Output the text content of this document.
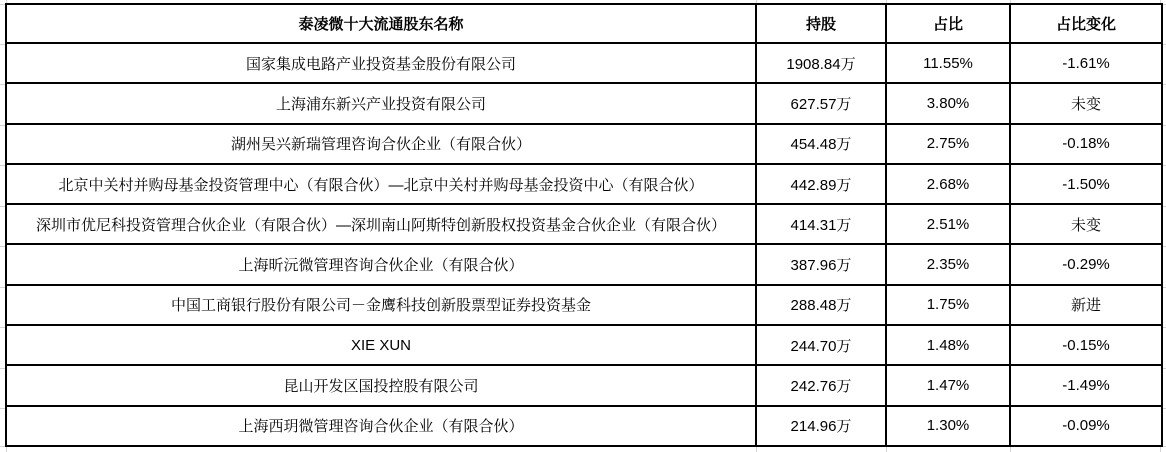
泰凌微十大流通股东名称	持股	占比	占比变化
国家集成电路产业投资基金股份有限公司	1908.84万	11.55%	-1.61%
上海浦东新兴产业投资有限公司	627.57万	3.80%	未变
湖州吴兴新瑞管理咨询合伙企业（有限合伙）	454.48万	2.75%	-0.18%
北京中关村并购母基金投资管理中心（有限合伙）—北京中关村并购母基金投资中心（有限合伙）	442.89万	2.68%	-1.50%
深圳市优尼科投资管理合伙企业（有限合伙）—深圳南山阿斯特创新股权投资基金合伙企业（有限合伙）	414.31万	2.51%	未变
上海昕沅微管理咨询合伙企业（有限合伙）	387.96万	2.35%	-0.29%
中国工商银行股份有限公司－金鹰科技创新股票型证券投资基金	288.48万	1.75%	新进
XIE XUN	244.70万	1.48%	-0.15%
昆山开发区国投控股有限公司	242.76万	1.47%	-1.49%
上海西玥微管理咨询合伙企业（有限合伙）	214.96万	1.30%	-0.09%
